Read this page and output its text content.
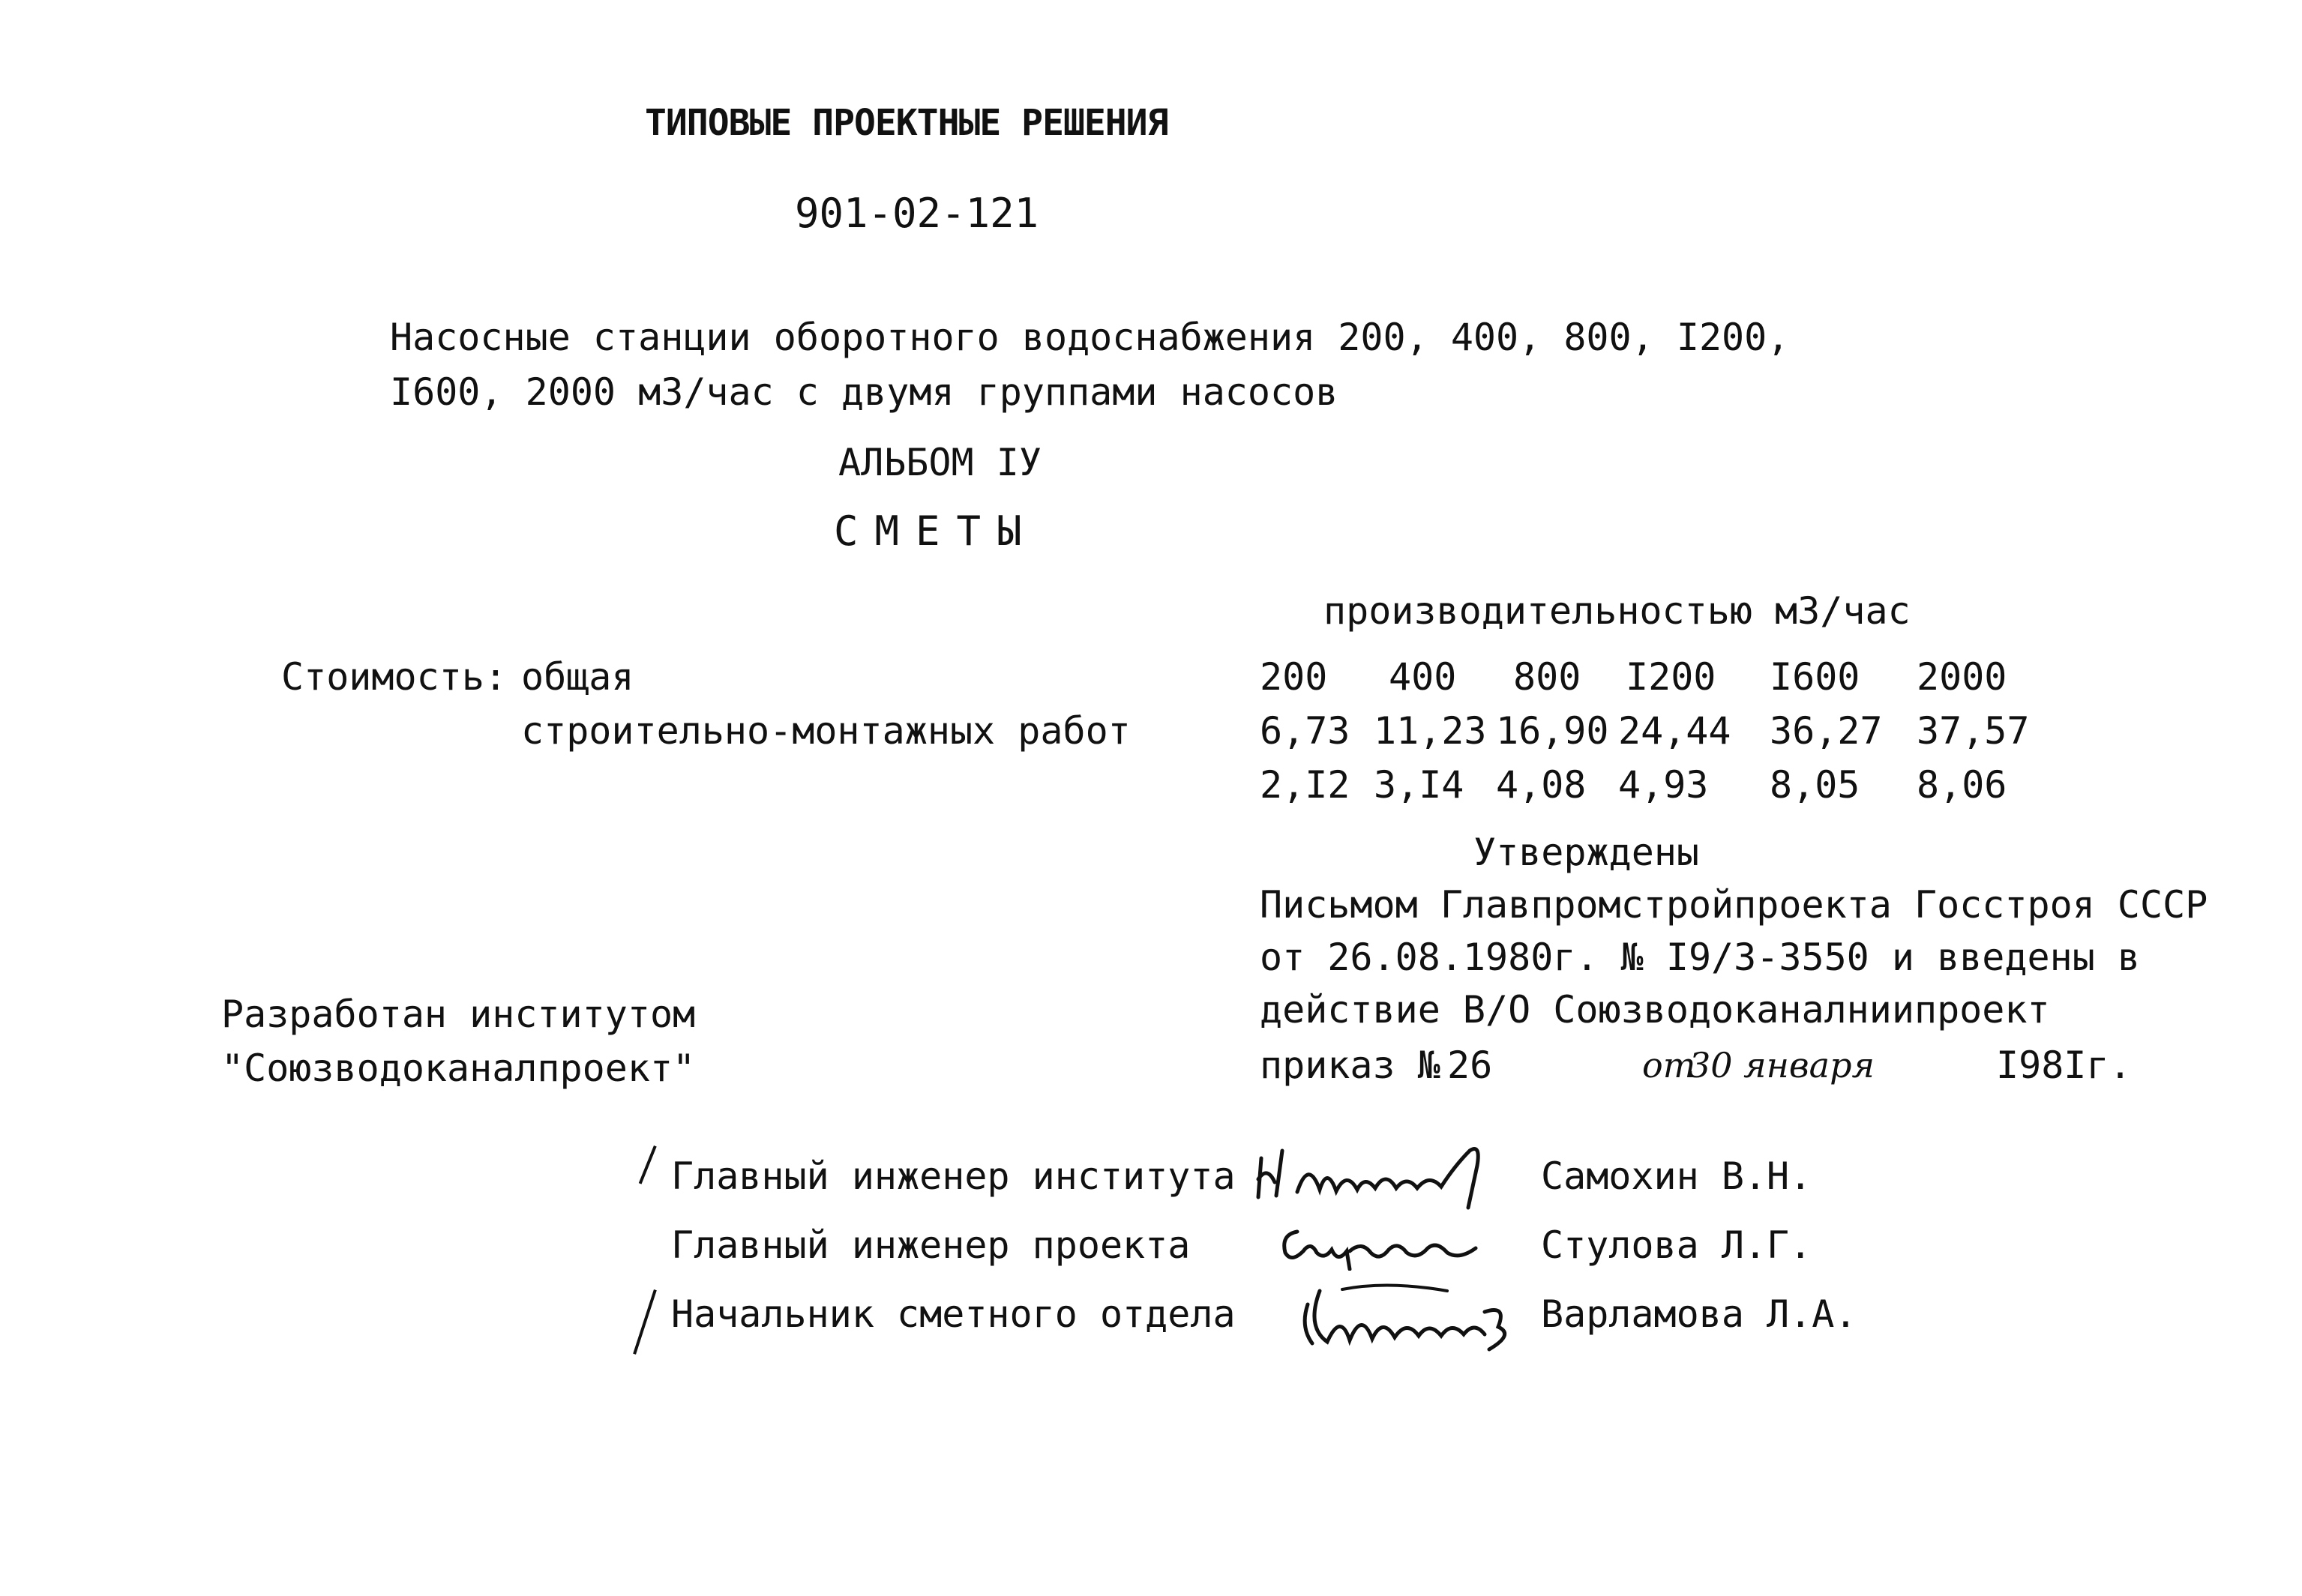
ТИПОВЫЕ ПРОЕКТНЫЕ РЕШЕНИЯ
901-02-121
Насосные станции оборотного водоснабжения 200, 400, 800, I200,
I600, 2000 м3/час с двумя группами насосов
АЛЬБОМ IУ
СМЕТЫ
производительностью м3/час
Стоимость: общая
строительно-монтажных работ
200 400 800 I200 I600 2000
6,73 11,23 16,90 24,44 36,27 37,57
2,I2 3,I4 4,08 4,93 8,05 8,06
Утверждены
Письмом Главпромстройпроекта Госстроя СССР
от 26.08.1980г. № I9/3-3550 и введены в
действие В/О Союзводоканалниипроект
приказ № 26	от
30 января	I98Iг.
Разработан институтом
"Союзводоканалпроект"
Главный инженер института	Самохин В.Н.
Главный инженер проекта	Стулова Л.Г.
Начальник сметного отдела	Варламова Л.А.
